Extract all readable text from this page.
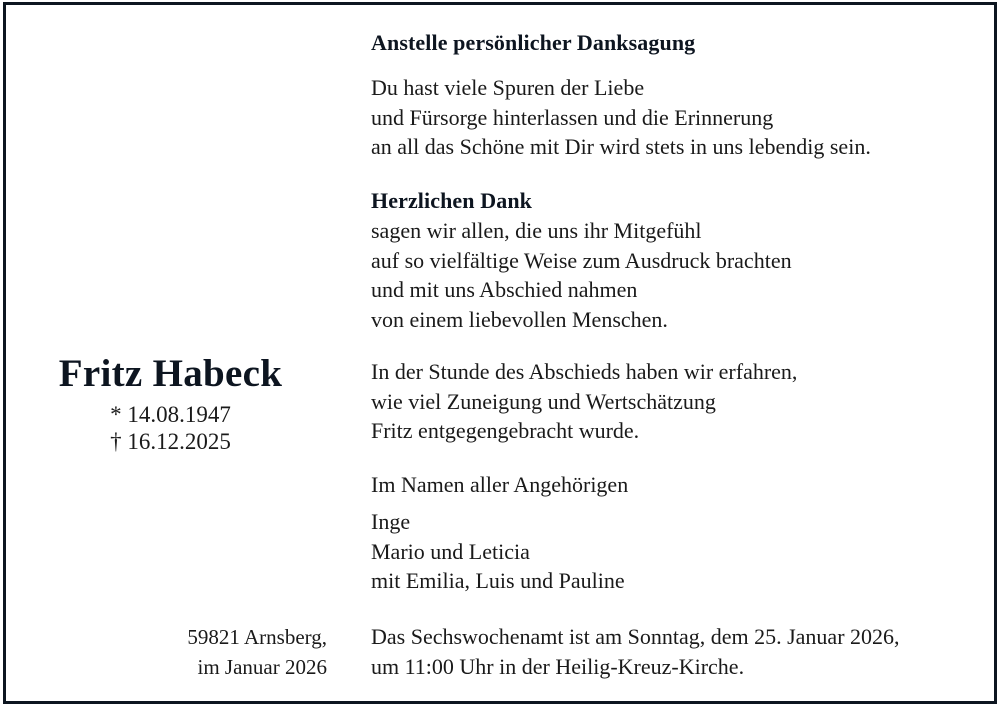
Fritz Habeck
* 14.08.1947
† 16.12.2025
59821 Arnsberg,
im Januar 2026
Anstelle persönlicher Danksagung
Du hast viele Spuren der Liebe
und Fürsorge hinterlassen und die Erinnerung
an all das Schöne mit Dir wird stets in uns lebendig sein.
Herzlichen Dank
sagen wir allen, die uns ihr Mitgefühl
auf so vielfältige Weise zum Ausdruck brachten
und mit uns Abschied nahmen
von einem liebevollen Menschen.
In der Stunde des Abschieds haben wir erfahren,
wie viel Zuneigung und Wertschätzung
Fritz entgegengebracht wurde.
Im Namen aller Angehörigen
Inge
Mario und Leticia
mit Emilia, Luis und Pauline
Das Sechswochenamt ist am Sonntag, dem 25. Januar 2026,
um 11:00 Uhr in der Heilig-Kreuz-Kirche.
